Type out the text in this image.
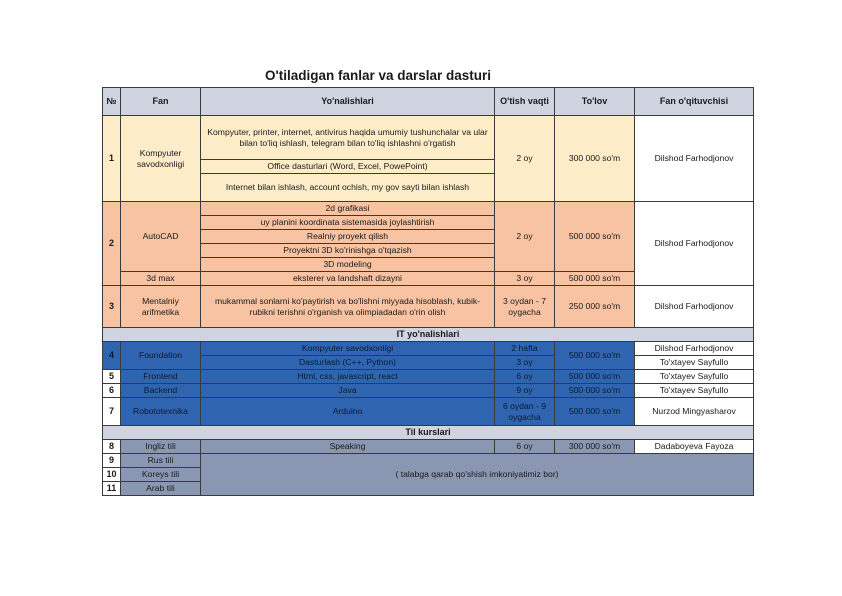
O'tiladigan fanlar va darslar dasturi
№	Fan	Yo'nalishlari	O'tish vaqti	To'lov	Fan o'qituvchisi
1	Kompyuter savodxonligi	Kompyuter, printer, internet, antivirus haqida umumiy tushunchalar va ular bilan to'liq ishlash, telegram bilan to'liq ishlashni o'rgatish	2 oy	300 000 so'm	Dilshod Farhodjonov
		Office dasturlari (Word, Excel, PowePoint)			
		Internet bilan ishlash, account ochish, my gov sayti bilan ishlash			
2	AutoCAD	2d grafikasi	2 oy	500 000 so'm	Dilshod Farhodjonov
		uy planini koordinata sistemasida joylashtirish			
		Realniy proyekt qilish			
		Proyektni 3D ko'rinishga o'tqazish			
		3D modeling			
	3d max	eksterer va landshaft dizayni	3 oy	500 000 so'm	
3	Mentalniy arifmetika	mukammal sonlarni ko'paytirish va bo'lishni miyyada hisoblash, kubik-rubikni terishni o'rganish va olimpiadadan o'rin olish	3 oydan - 7 oygacha	250 000 so'm	Dilshod Farhodjonov
IT yo'nalishlari					
4	Foundation	Kompyuter savodxonligi	2 hafta	500 000 so'm	Dilshod Farhodjonov
		Dasturlash (C++, Python)	3 oy		To'xtayev Sayfullo
5	Frontend	Html, css, javascript, react	6 oy	500 000 so'm	To'xtayev Sayfullo
6	Backend	Java	9 oy	500 000 so'm	To'xtayev Sayfullo
7	Robototexnika	Arduino	6 oydan - 9 oygacha	500 000 so'm	Nurzod Mingyasharov
Til kurslari					
8	Ingliz tili	Speaking	6 oy	300 000 so'm	Dadaboyeva Fayoza
9	Rus tili	( talabga qarab qo'shish imkoniyatimiz bor)			
10	Koreys tili				
11	Arab tili				
